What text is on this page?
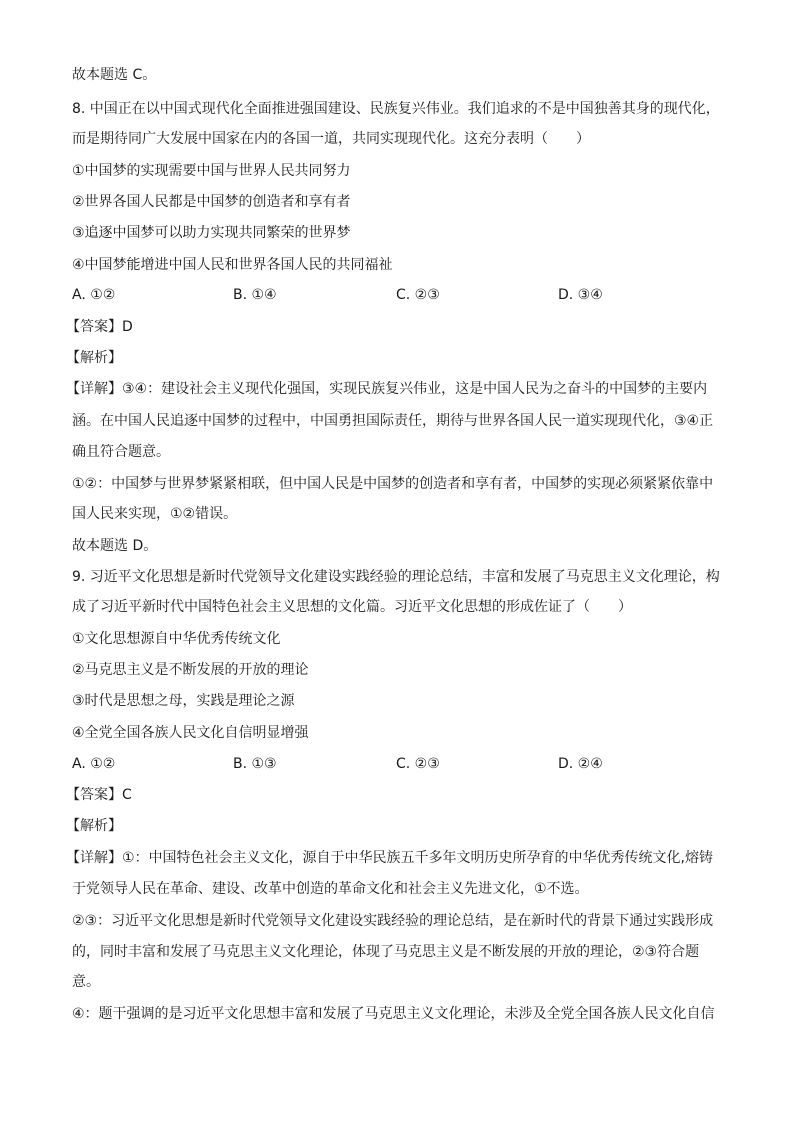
故本题选 C。
8. 中国正在以中国式现代化全面推进强国建设、民族复兴伟业。我们追求的不是中国独善其身的现代化，
而是期待同广大发展中国家在内的各国一道，共同实现现代化。这充分表明（　　）
①中国梦的实现需要中国与世界人民共同努力
②世界各国人民都是中国梦的创造者和享有者
③追逐中国梦可以助力实现共同繁荣的世界梦
④中国梦能增进中国人民和世界各国人民的共同福祉
A. ①②	B. ①④	C. ②③	D. ③④
【答案】D
【解析】
【详解】③④：建设社会主义现代化强国，实现民族复兴伟业，这是中国人民为之奋斗的中国梦的主要内
涵。在中国人民追逐中国梦的过程中，中国勇担国际责任，期待与世界各国人民一道实现现代化，③④正
确且符合题意。
①②：中国梦与世界梦紧紧相联，但中国人民是中国梦的创造者和享有者，中国梦的实现必须紧紧依靠中
国人民来实现，①②错误。
故本题选 D。
9. 习近平文化思想是新时代党领导文化建设实践经验的理论总结，丰富和发展了马克思主义文化理论，构
成了习近平新时代中国特色社会主义思想的文化篇。习近平文化思想的形成佐证了（　　）
①文化思想源自中华优秀传统文化
②马克思主义是不断发展的开放的理论
③时代是思想之母，实践是理论之源
④全党全国各族人民文化自信明显增强
A. ①②	B. ①③	C. ②③	D. ②④
【答案】C
【解析】
【详解】①：中国特色社会主义文化，源自于中华民族五千多年文明历史所孕育的中华优秀传统文化,熔铸
于党领导人民在革命、建设、改革中创造的革命文化和社会主义先进文化，①不选。
②③：习近平文化思想是新时代党领导文化建设实践经验的理论总结，是在新时代的背景下通过实践形成
的，同时丰富和发展了马克思主义文化理论，体现了马克思主义是不断发展的开放的理论，②③符合题
意。
④：题干强调的是习近平文化思想丰富和发展了马克思主义文化理论，未涉及全党全国各族人民文化自信
